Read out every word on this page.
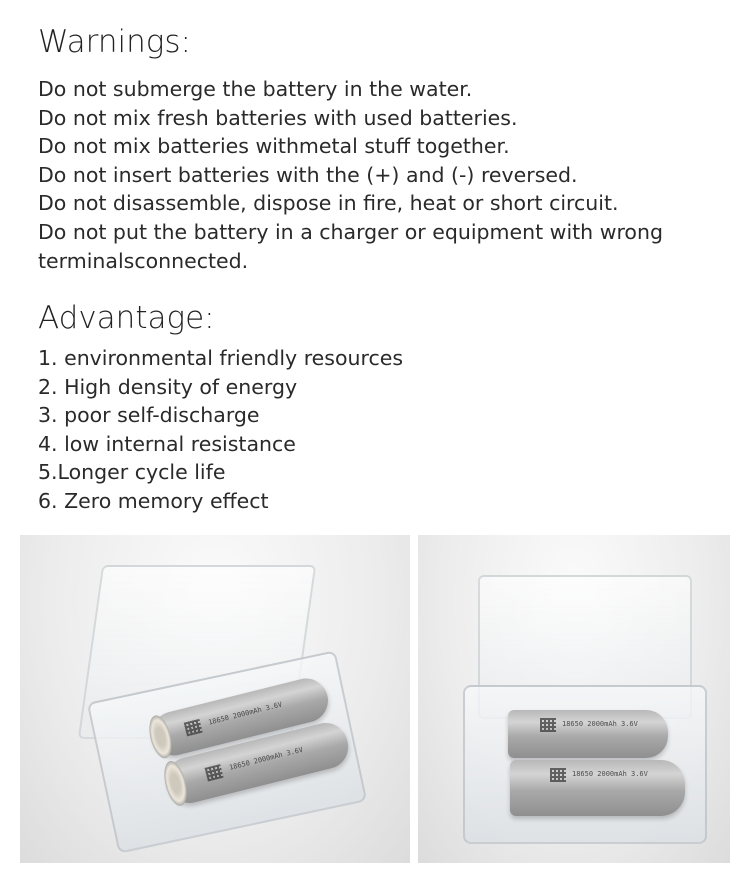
Warnings:
Do not submerge the battery in the water.
Do not mix fresh batteries with used batteries.
Do not mix batteries withmetal stuff together.
Do not insert batteries with the (+) and (-) reversed.
Do not disassemble, dispose in fire, heat or short circuit.
Do not put the battery in a charger or equipment with wrong
terminalsconnected.
Advantage:
1. environmental friendly resources
2. High density of energy
3. poor self-discharge
4. low internal resistance
5.Longer cycle life
6. Zero memory effect
18650 2000mAh 3.6V
18650 2000mAh 3.6V
18650 2000mAh 3.6V
18650 2000mAh 3.6V
